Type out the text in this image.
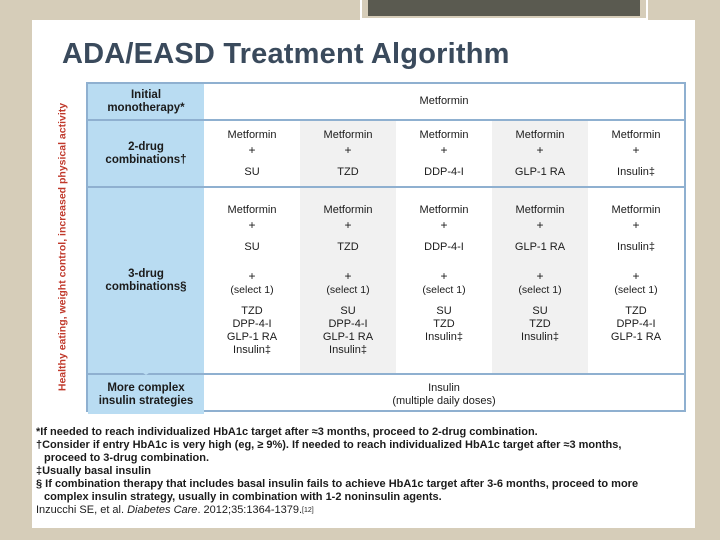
ADA/EASD Treatment Algorithm
Healthy eating, weight control, increased physical activity
Initial monotherapy*
Metformin
2-drug combinations†
Metformin
+
SU
Metformin
+
TZD
Metformin
+
DDP-4-I
Metformin
+
GLP-1 RA
Metformin
+
Insulin‡
3-drug combinations§
Metformin
+
SU
+
(select 1)
TZD
DPP-4-I
GLP-1 RA
Insulin‡
Metformin
+
TZD
+
(select 1)
SU
DPP-4-I
GLP-1 RA
Insulin‡
Metformin
+
DDP-4-I
+
(select 1)
SU
TZD
Insulin‡
Metformin
+
GLP-1 RA
+
(select 1)
SU
TZD
Insulin‡
Metformin
+
Insulin‡
+
(select 1)
TZD
DPP-4-I
GLP-1 RA
More complex insulin strategies
Insulin
(multiple daily doses)
*If needed to reach individualized HbA1c target after ≈3 months, proceed to 2-drug combination.
†Consider if entry HbA1c is very high (eg, ≥ 9%). If needed to reach individualized HbA1c target after ≈3 months,
proceed to 3-drug combination.
‡Usually basal insulin
§ If combination therapy that includes basal insulin fails to achieve HbA1c target after 3-6 months, proceed to more
complex insulin strategy, usually in combination with 1-2 noninsulin agents.
Inzucchi SE, et al. Diabetes Care. 2012;35:1364-1379.[12]
